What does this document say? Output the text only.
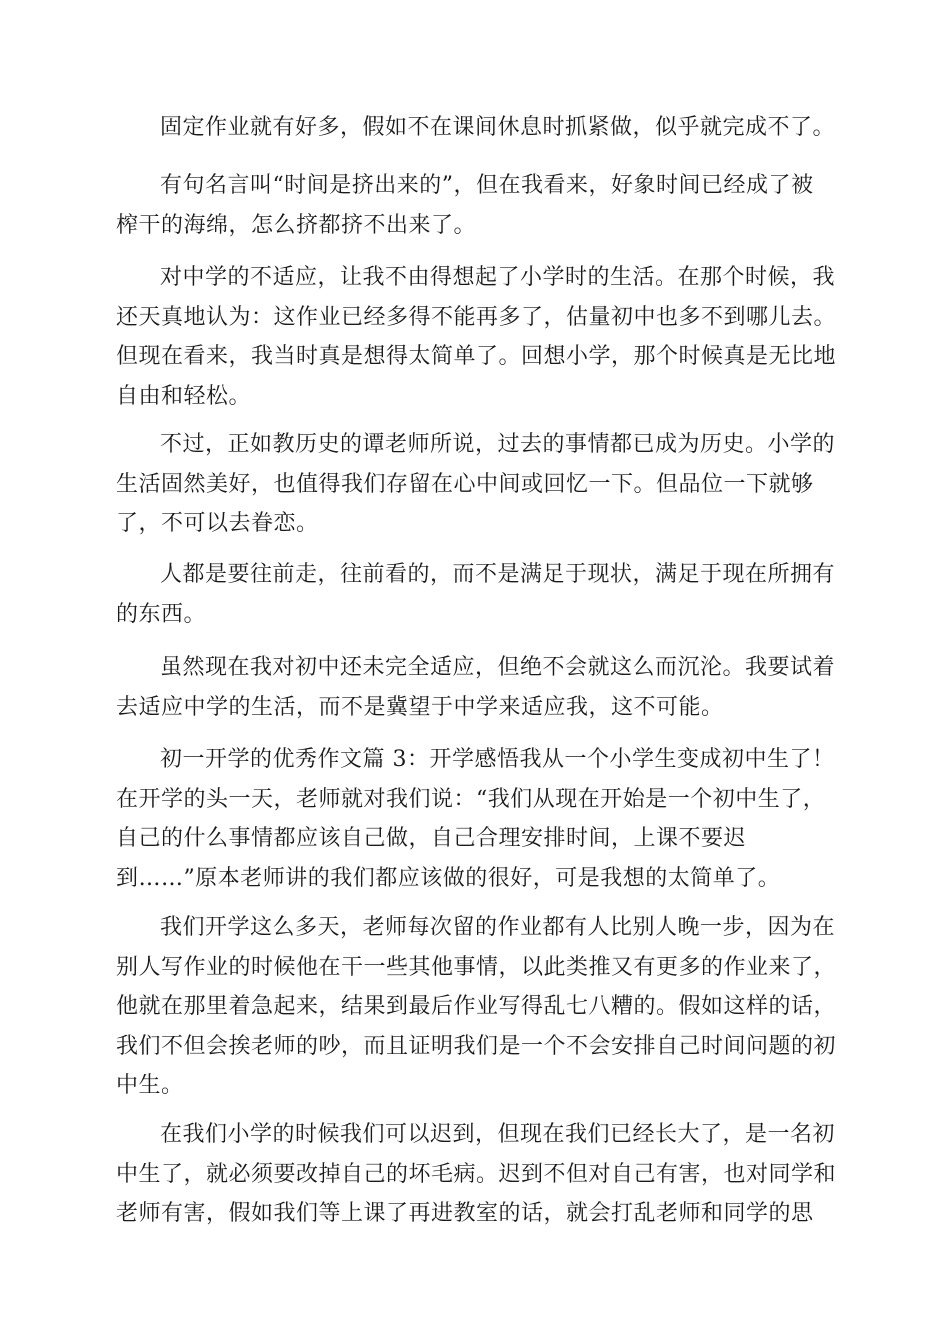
固定作业就有好多，假如不在课间休息时抓紧做，似乎就完成不了。
有句名言叫“时间是挤出来的”，但在我看来，好象时间已经成了被
榨干的海绵，怎么挤都挤不出来了。
对中学的不适应，让我不由得想起了小学时的生活。在那个时候，我
还天真地认为：这作业已经多得不能再多了，估量初中也多不到哪儿去。
但现在看来，我当时真是想得太简单了。回想小学，那个时候真是无比地
自由和轻松。
不过，正如教历史的谭老师所说，过去的事情都已成为历史。小学的
生活固然美好，也值得我们存留在心中间或回忆一下。但品位一下就够
了，不可以去眷恋。
人都是要往前走，往前看的，而不是满足于现状，满足于现在所拥有
的东西。
虽然现在我对初中还未完全适应，但绝不会就这么而沉沦。我要试着
去适应中学的生活，而不是冀望于中学来适应我，这不可能。
初一开学的优秀作文篇 3：开学感悟我从一个小学生变成初中生了！
在开学的头一天，老师就对我们说：“我们从现在开始是一个初中生了，
自己的什么事情都应该自己做，自己合理安排时间，上课不要迟
到……”原本老师讲的我们都应该做的很好，可是我想的太简单了。
我们开学这么多天，老师每次留的作业都有人比别人晚一步，因为在
别人写作业的时候他在干一些其他事情，以此类推又有更多的作业来了，
他就在那里着急起来，结果到最后作业写得乱七八糟的。假如这样的话，
我们不但会挨老师的吵，而且证明我们是一个不会安排自己时间问题的初
中生。
在我们小学的时候我们可以迟到，但现在我们已经长大了，是一名初
中生了，就必须要改掉自己的坏毛病。迟到不但对自己有害，也对同学和
老师有害，假如我们等上课了再进教室的话，就会打乱老师和同学的思
